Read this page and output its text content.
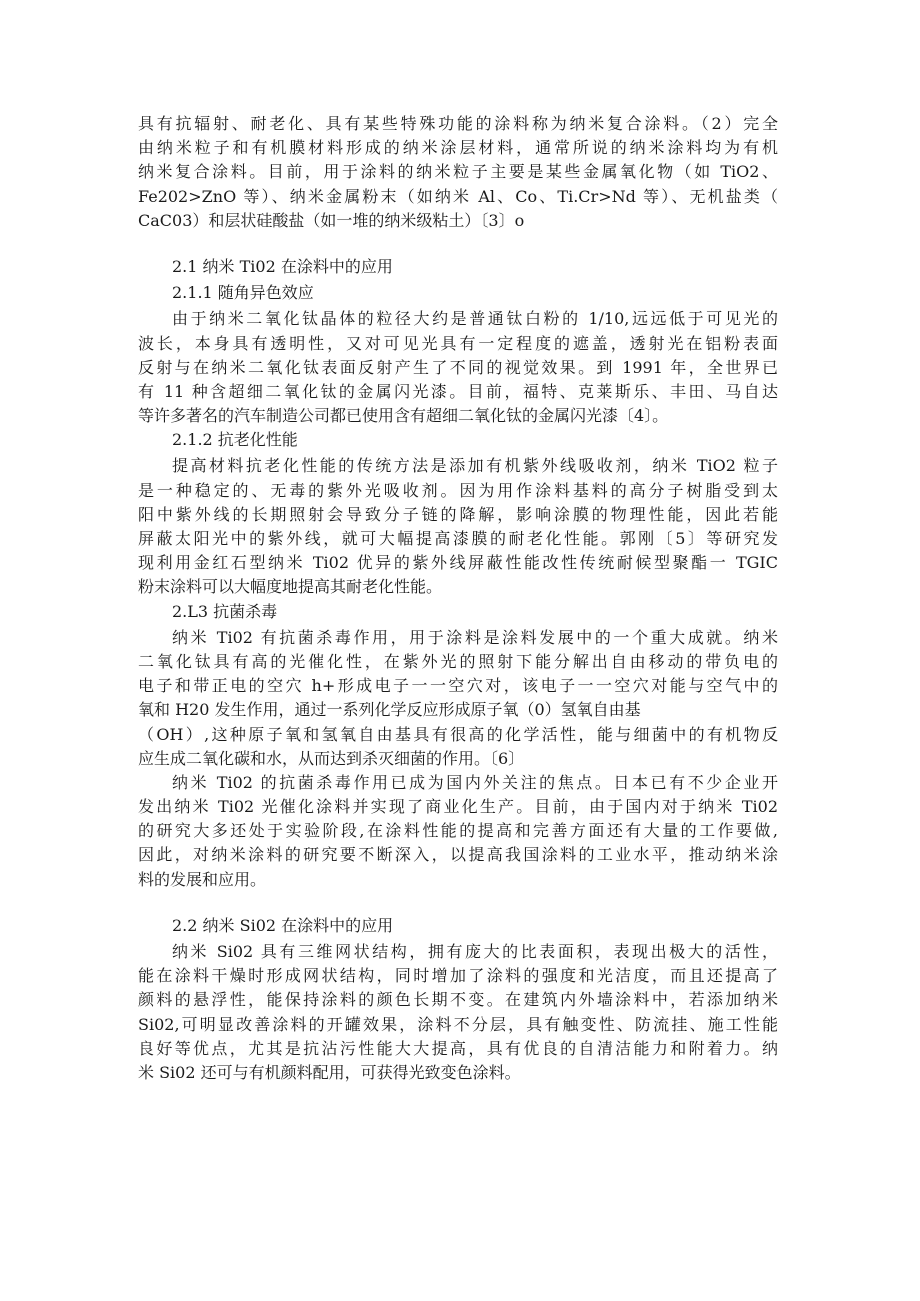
具有抗辐射、耐老化、具有某些特殊功能的涂料称为纳米复合涂料。（2）完全
由纳米粒子和有机膜材料形成的纳米涂层材料，通常所说的纳米涂料均为有机
纳米复合涂料。目前，用于涂料的纳米粒子主要是某些金属氧化物（如 TiO2、
Fe202>ZnO 等）、纳米金属粉末（如纳米 Al、Co、Ti.Cr>Nd 等）、无机盐类（
CaC03）和层状硅酸盐（如一堆的纳米级粘土）〔3〕o
2.1 纳米 Ti02 在涂料中的应用
2.1.1 随角异色效应
由于纳米二氧化钛晶体的粒径大约是普通钛白粉的 1/10,远远低于可见光的
波长，本身具有透明性，又对可见光具有一定程度的遮盖，透射光在铝粉表面
反射与在纳米二氧化钛表面反射产生了不同的视觉效果。到 1991 年，全世界已
有 11 种含超细二氧化钛的金属闪光漆。目前，福特、克莱斯乐、丰田、马自达
等许多著名的汽车制造公司都已使用含有超细二氧化钛的金属闪光漆〔4〕。
2.1.2 抗老化性能
提高材料抗老化性能的传统方法是添加有机紫外线吸收剂，纳米 TiO2 粒子
是一种稳定的、无毒的紫外光吸收剂。因为用作涂料基料的高分子树脂受到太
阳中紫外线的长期照射会导致分子链的降解，影响涂膜的物理性能，因此若能
屏蔽太阳光中的紫外线，就可大幅提高漆膜的耐老化性能。郭刚〔5〕等研究发
现利用金红石型纳米 Ti02 优异的紫外线屏蔽性能改性传统耐候型聚酯一 TGIC
粉末涂料可以大幅度地提高其耐老化性能。
2.L3 抗菌杀毒
纳米 Ti02 有抗菌杀毒作用，用于涂料是涂料发展中的一个重大成就。纳米
二氧化钛具有高的光催化性，在紫外光的照射下能分解出自由移动的带负电的
电子和带正电的空穴 h+形成电子一一空穴对，该电子一一空穴对能与空气中的
氧和 H20 发生作用，通过一系列化学反应形成原子氧（0）氢氧自由基
（OH）,这种原子氧和氢氧自由基具有很高的化学活性，能与细菌中的有机物反
应生成二氧化碳和水，从而达到杀灭细菌的作用。〔6〕
纳米 Ti02 的抗菌杀毒作用已成为国内外关注的焦点。日本已有不少企业开
发出纳米 Ti02 光催化涂料并实现了商业化生产。目前，由于国内对于纳米 Ti02
的研究大多还处于实验阶段,在涂料性能的提高和完善方面还有大量的工作要做,
因此，对纳米涂料的研究要不断深入，以提高我国涂料的工业水平，推动纳米涂
料的发展和应用。
2.2 纳米 Si02 在涂料中的应用
纳米 Si02 具有三维网状结构，拥有庞大的比表面积，表现出极大的活性，
能在涂料干燥时形成网状结构，同时增加了涂料的强度和光洁度，而且还提高了
颜料的悬浮性，能保持涂料的颜色长期不变。在建筑内外墙涂料中，若添加纳米
Si02,可明显改善涂料的开罐效果，涂料不分层，具有触变性、防流挂、施工性能
良好等优点，尤其是抗沾污性能大大提高，具有优良的自清洁能力和附着力。纳
米 Si02 还可与有机颜料配用，可获得光致变色涂料。
